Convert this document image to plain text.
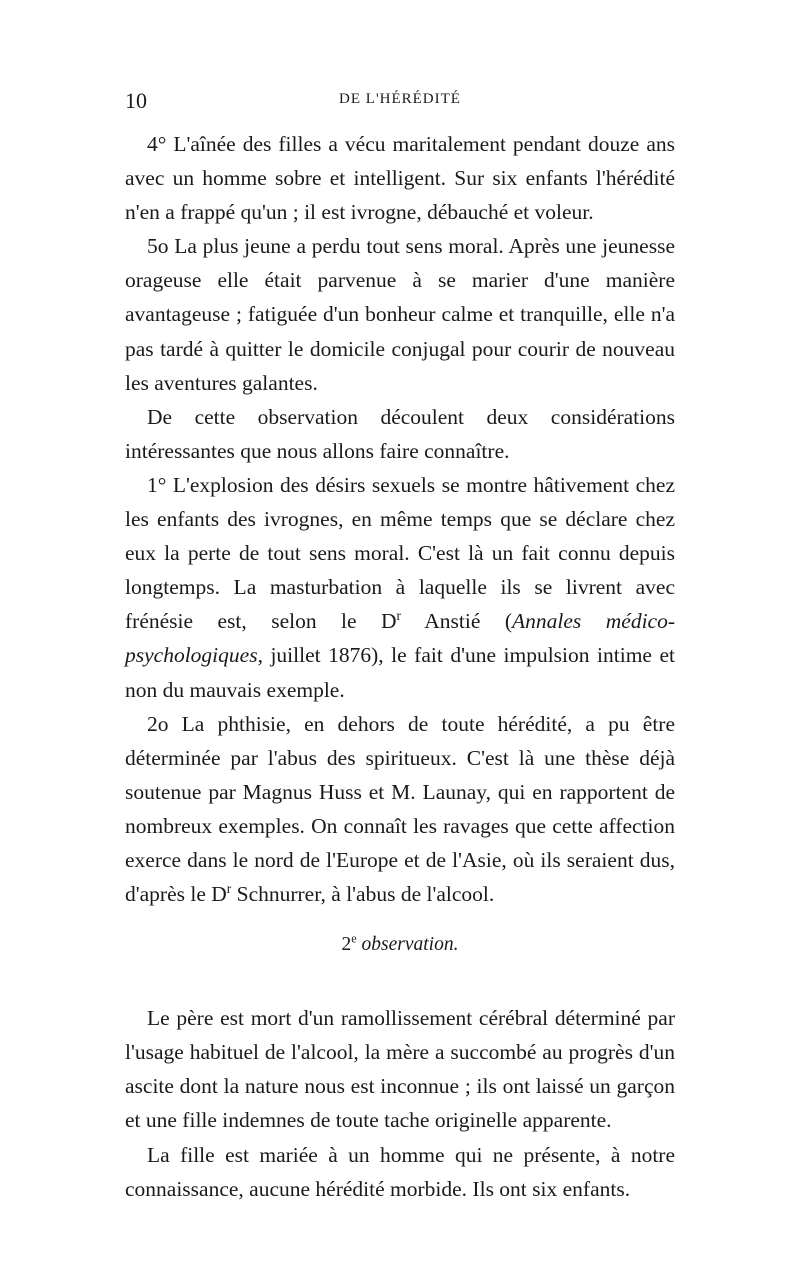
10	DE L'HÉRÉDITÉ

4° L'aînée des filles a vécu maritalement pendant douze ans avec un homme sobre et intelligent. Sur six enfants l'hérédité n'en a frappé qu'un ; il est ivrogne, débauché et voleur.

5o La plus jeune a perdu tout sens moral. Après une jeunesse orageuse elle était parvenue à se marier d'une manière avantageuse ; fatiguée d'un bonheur calme et tranquille, elle n'a pas tardé à quitter le domicile conjugal pour courir de nouveau les aventures galantes.

De cette observation découlent deux considérations intéressantes que nous allons faire connaître.

1° L'explosion des désirs sexuels se montre hâtivement chez les enfants des ivrognes, en même temps que se déclare chez eux la perte de tout sens moral. C'est là un fait connu depuis longtemps. La masturbation à laquelle ils se livrent avec frénésie est, selon le $D^r$ Anstié (Annales médico-psychologiques, juillet 1876), le fait d'une impulsion intime et non du mauvais exemple.

2o La phthisie, en dehors de toute hérédité, a pu être déterminée par l'abus des spiritueux. C'est là une thèse déjà soutenue par Magnus Huss et M. Launay, qui en rapportent de nombreux exemples. On connaît les ravages que cette affection exerce dans le nord de l'Europe et de l'Asie, où ils seraient dus, d'après le $D^r$ Schnurrer, à l'abus de l'alcool.

2e observation.

Le père est mort d'un ramollissement cérébral déterminé par l'usage habituel de l'alcool, la mère a succombé au progrès d'un ascite dont la nature nous est inconnue ; ils ont laissé un garçon et une fille indemnes de toute tache originelle apparente.

La fille est mariée à un homme qui ne présente, à notre connaissance, aucune hérédité morbide. Ils ont six enfants.
